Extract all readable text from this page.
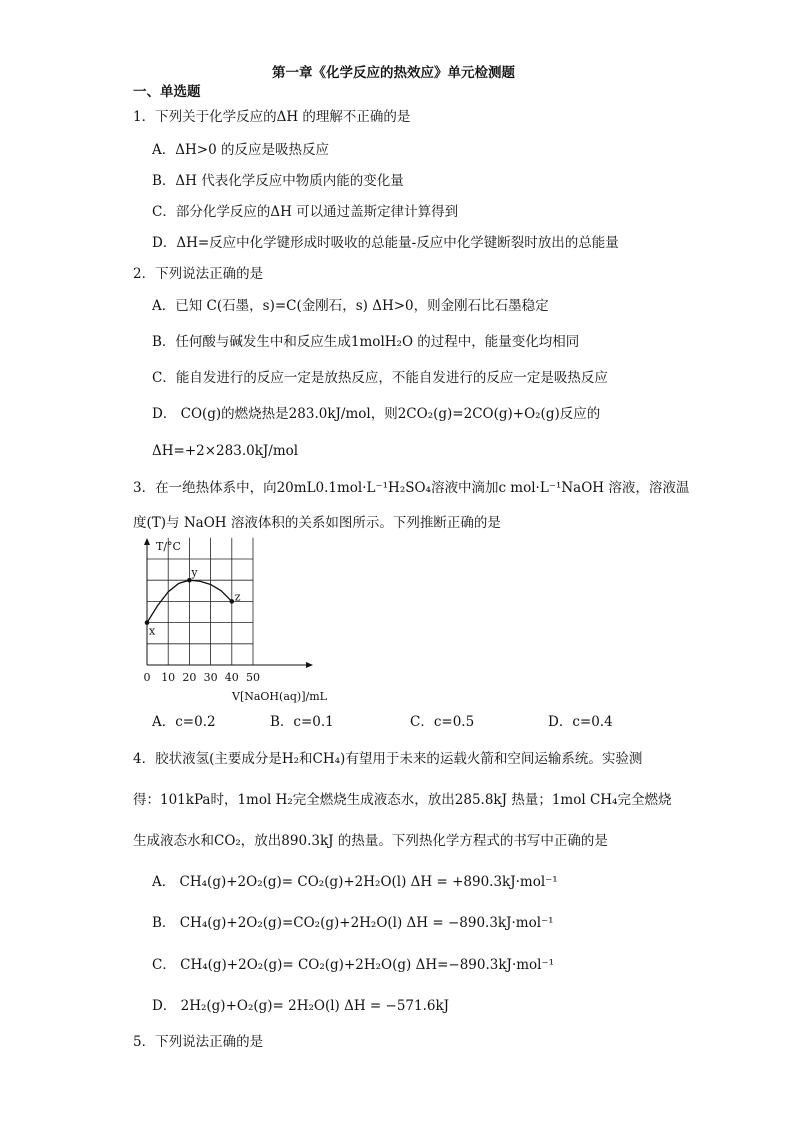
第一章《化学反应的热效应》单元检测题
一、单选题
1．下列关于化学反应的ΔH 的理解不正确的是
A．ΔH>0 的反应是吸热反应
B．ΔH 代表化学反应中物质内能的变化量
C．部分化学反应的ΔH 可以通过盖斯定律计算得到
D．ΔH=反应中化学键形成时吸收的总能量-反应中化学键断裂时放出的总能量
2．下列说法正确的是
A．已知 C(石墨，s)=C(金刚石，s) ΔH>0，则金刚石比石墨稳定
B．任何酸与碱发生中和反应生成1molH₂O 的过程中，能量变化均相同
C．能自发进行的反应一定是放热反应，不能自发进行的反应一定是吸热反应
D． CO(g)的燃烧热是283.0kJ/mol，则2CO₂(g)=2CO(g)+O₂(g)反应的
ΔH=+2×283.0kJ/mol
3．在一绝热体系中，向20mL0.1mol·L⁻¹H₂SO₄溶液中滴加c mol·L⁻¹NaOH 溶液，溶液温
度(T)与 NaOH 溶液体积的关系如图所示。下列推断正确的是
x
y
z
0 10 20 30 40 50
T/°C
V[NaOH(aq)]/mL
A．c=0.2	B．c=0.1	C．c=0.5	D．c=0.4
4．胶状液氢(主要成分是H₂和CH₄)有望用于未来的运载火箭和空间运输系统。实验测
得：101kPa时，1mol H₂完全燃烧生成液态水，放出285.8kJ 热量；1mol CH₄完全燃烧
生成液态水和CO₂，放出890.3kJ 的热量。下列热化学方程式的书写中正确的是
A． CH₄(g)+2O₂(g)= CO₂(g)+2H₂O(l) ΔH = +890.3kJ·mol⁻¹
B． CH₄(g)+2O₂(g)=CO₂(g)+2H₂O(l) ΔH = −890.3kJ·mol⁻¹
C． CH₄(g)+2O₂(g)= CO₂(g)+2H₂O(g) ΔH=−890.3kJ·mol⁻¹
D． 2H₂(g)+O₂(g)= 2H₂O(l) ΔH = −571.6kJ
5．下列说法正确的是
